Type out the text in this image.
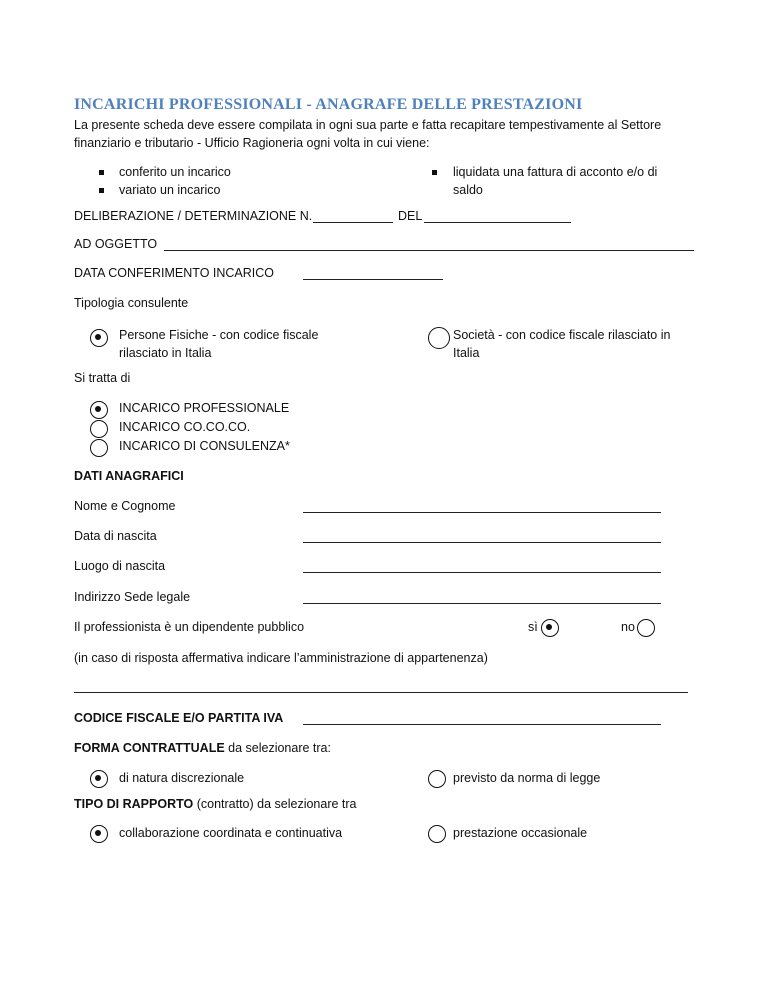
INCARICHI PROFESSIONALI - ANAGRAFE DELLE PRESTAZIONI
La presente scheda deve essere compilata in ogni sua parte e fatta recapitare tempestivamente al Settore
finanziario e tributario - Ufficio Ragioneria ogni volta in cui viene:
conferito un incarico
variato un incarico
liquidata una fattura di acconto e/o di
saldo
DELIBERAZIONE / DETERMINAZIONE N.	DEL
AD OGGETTO
DATA CONFERIMENTO INCARICO
Tipologia consulente
Persone Fisiche - con codice fiscale
rilasciato in Italia
Società - con codice fiscale rilasciato in
Italia
Si tratta di
INCARICO PROFESSIONALE
INCARICO CO.CO.CO.
INCARICO DI CONSULENZA*
DATI ANAGRAFICI
Nome e Cognome
Data di nascita
Luogo di nascita
Indirizzo Sede legale
Il professionista è un dipendente pubblico	sì	no
(in caso di risposta affermativa indicare l’amministrazione di appartenenza)
CODICE FISCALE E/O PARTITA IVA
FORMA CONTRATTUALE da selezionare tra:
di natura discrezionale	previsto da norma di legge
TIPO DI RAPPORTO (contratto) da selezionare tra
collaborazione coordinata e continuativa	prestazione occasionale
